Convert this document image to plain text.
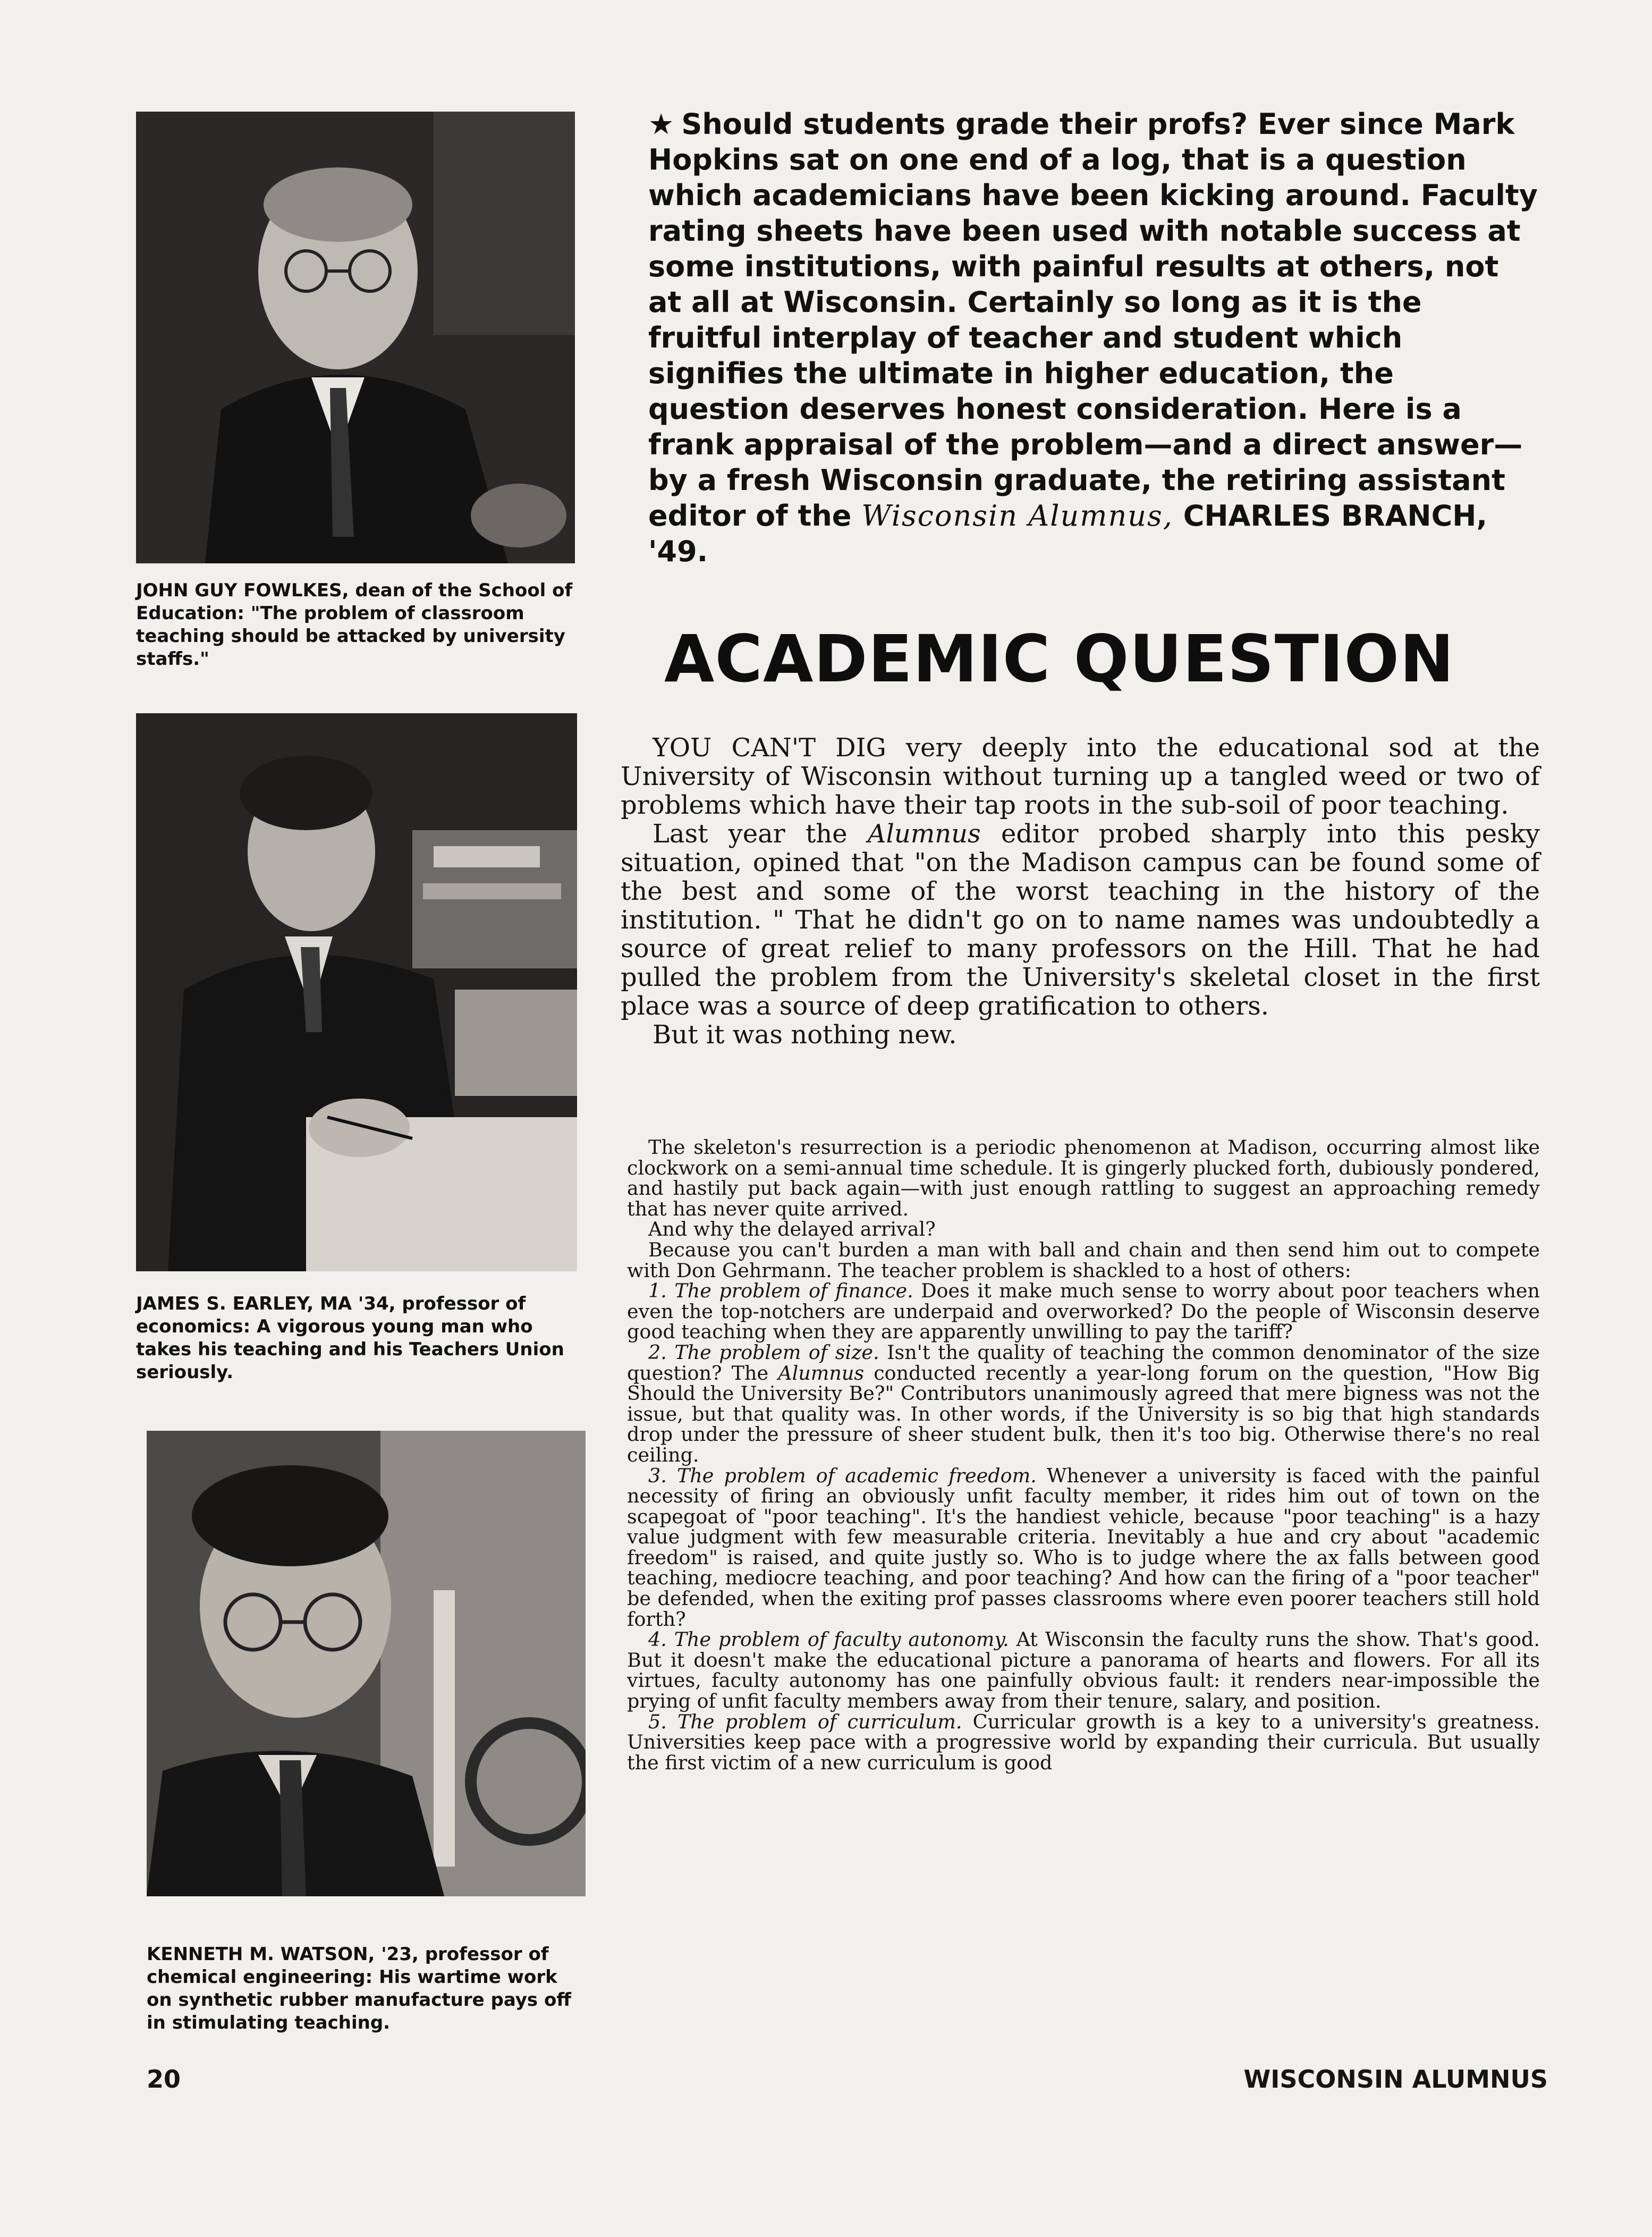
JOHN GUY FOWLKES, dean of the School of Education: "The problem of classroom teaching should be attacked by university staffs."

JAMES S. EARLEY, MA '34, professor of economics: A vigorous young man who takes his teaching and his Teachers Union seriously.

KENNETH M. WATSON, '23, professor of chemical engineering: His wartime work on synthetic rubber manufacture pays off in stimulating teaching.

★ Should students grade their profs? Ever since Mark Hopkins sat on one end of a log, that is a question which academicians have been kicking around. Faculty rating sheets have been used with notable success at some institutions, with painful results at others, not at all at Wisconsin. Certainly so long as it is the fruitful interplay of teacher and student which signifies the ultimate in higher education, the question deserves honest consideration. Here is a frank appraisal of the problem—and a direct answer—by a fresh Wisconsin graduate, the retiring assistant editor of the Wisconsin Alumnus, CHARLES BRANCH, '49.

ACADEMIC QUESTION

YOU CAN'T DIG very deeply into the educational sod at the University of Wisconsin without turning up a tangled weed or two of problems which have their tap roots in the sub-soil of poor teaching.

Last year the Alumnus editor probed sharply into this pesky situation, opined that "on the Madison campus can be found some of the best and some of the worst teaching in the history of the institution. " That he didn't go on to name names was undoubtedly a source of great relief to many professors on the Hill. That he had pulled the problem from the University's skeletal closet in the first place was a source of deep gratification to others.

But it was nothing new.

The skeleton's resurrection is a periodic phenomenon at Madison, occurring almost like clockwork on a semi-annual time schedule. It is gingerly plucked forth, dubiously pondered, and hastily put back again—with just enough rattling to suggest an approaching remedy that has never quite arrived.

And why the delayed arrival?

Because you can't burden a man with ball and chain and then send him out to compete with Don Gehrmann. The teacher problem is shackled to a host of others:

1. The problem of finance. Does it make much sense to worry about poor teachers when even the top-notchers are underpaid and overworked? Do the people of Wisconsin deserve good teaching when they are apparently unwilling to pay the tariff?

2. The problem of size. Isn't the quality of teaching the common denominator of the size question? The Alumnus conducted recently a year-long forum on the question, "How Big Should the University Be?" Contributors unanimously agreed that mere bigness was not the issue, but that quality was. In other words, if the University is so big that high standards drop under the pressure of sheer student bulk, then it's too big. Otherwise there's no real ceiling.

3. The problem of academic freedom. Whenever a university is faced with the painful necessity of firing an obviously unfit faculty member, it rides him out of town on the scapegoat of "poor teaching". It's the handiest vehicle, because "poor teaching" is a hazy value judgment with few measurable criteria. Inevitably a hue and cry about "academic freedom" is raised, and quite justly so. Who is to judge where the ax falls between good teaching, mediocre teaching, and poor teaching? And how can the firing of a "poor teacher" be defended, when the exiting prof passes classrooms where even poorer teachers still hold forth?

4. The problem of faculty autonomy. At Wisconsin the faculty runs the show. That's good. But it doesn't make the educational picture a panorama of hearts and flowers. For all its virtues, faculty autonomy has one painfully obvious fault: it renders near-impossible the prying of unfit faculty members away from their tenure, salary, and position.

5. The problem of curriculum. Curricular growth is a key to a university's greatness. Universities keep pace with a progressive world by expanding their curricula. But usually the first victim of a new curriculum is good

20	WISCONSIN ALUMNUS
